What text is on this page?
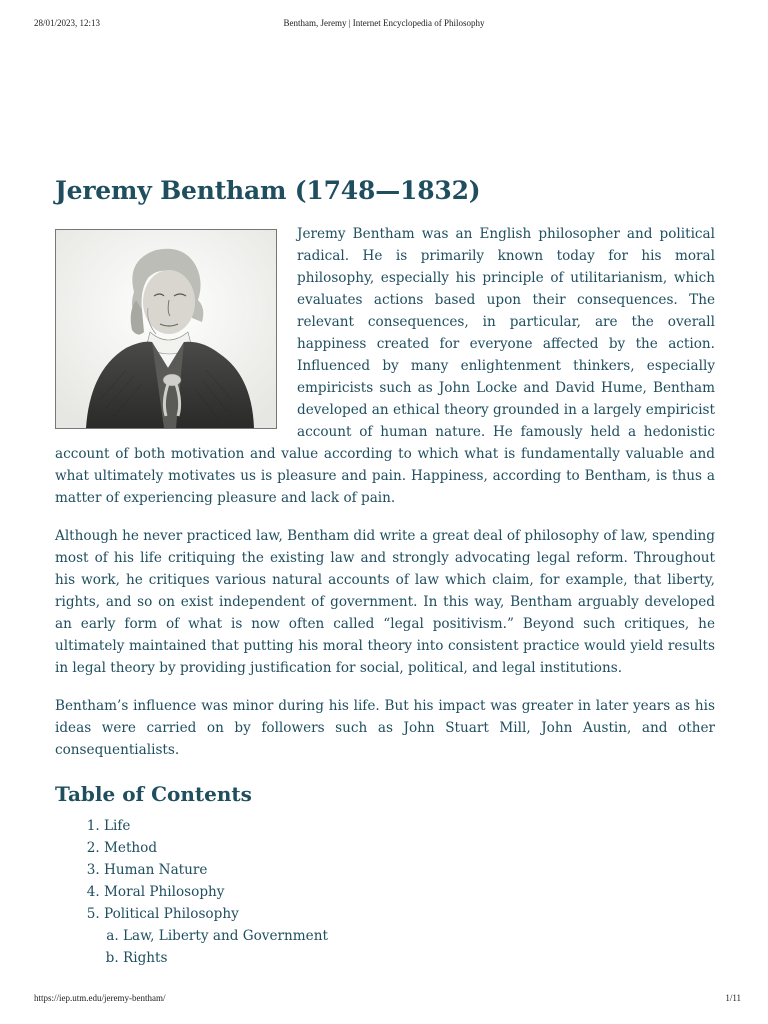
Bentham, Jeremy | Internet Encyclopedia of Philosophy
28/01/2023, 12:13
Jeremy Bentham (1748—1832)

Jeremy Bentham was an English philosopher and political radical. He is primarily known today for his moral philosophy, especially his principle of utilitarianism, which evaluates actions based upon their consequences. The relevant consequences, in particular, are the overall happiness created for everyone affected by the action. Influenced by many enlightenment thinkers, especially empiricists such as John Locke and David Hume, Bentham developed an ethical theory grounded in a largely empiricist account of human nature. He famously held a hedonistic account of both motivation and value according to which what is fundamentally valuable and what ultimately motivates us is pleasure and pain. Happiness, according to Bentham, is thus a matter of experiencing pleasure and lack of pain.

Although he never practiced law, Bentham did write a great deal of philosophy of law, spending most of his life critiquing the existing law and strongly advocating legal reform. Throughout his work, he critiques various natural accounts of law which claim, for example, that liberty, rights, and so on exist independent of government. In this way, Bentham arguably developed an early form of what is now often called “legal positivism.” Beyond such critiques, he ultimately maintained that putting his moral theory into consistent practice would yield results in legal theory by providing justification for social, political, and legal institutions.

Bentham’s influence was minor during his life. But his impact was greater in later years as his ideas were carried on by followers such as John Stuart Mill, John Austin, and other consequentialists.

Table of Contents
1. Life
2. Method
3. Human Nature
4. Moral Philosophy
5. Political Philosophy
a. Law, Liberty and Government
b. Rights
https://iep.utm.edu/jeremy-bentham/	1/11
